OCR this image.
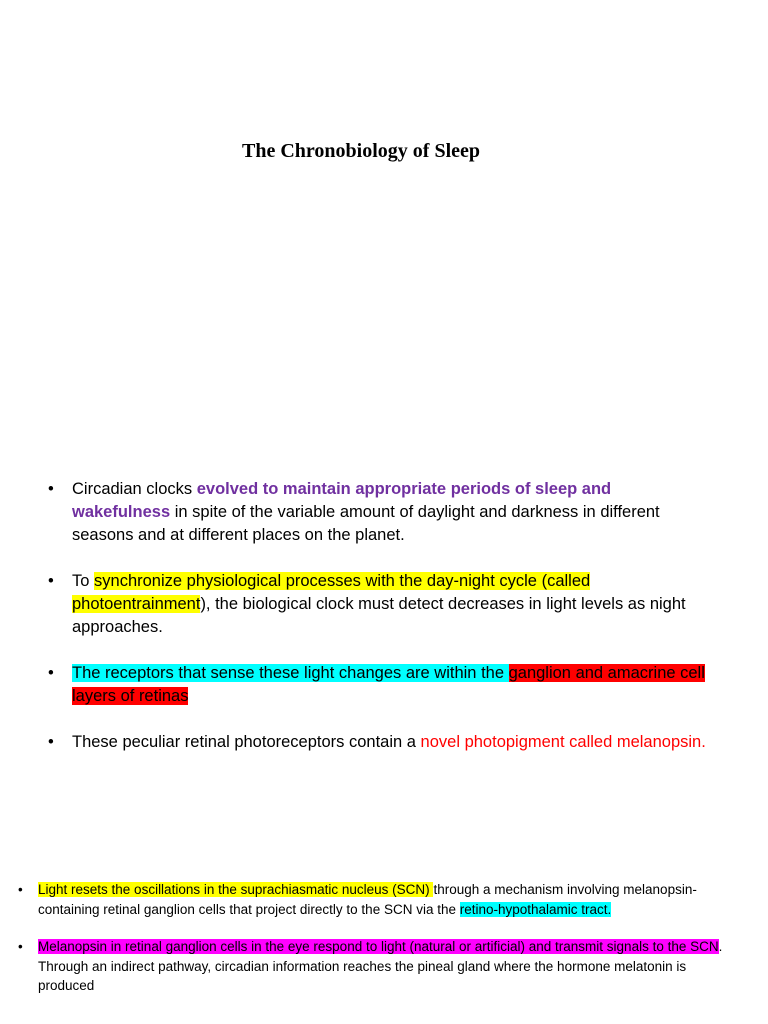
The Chronobiology of Sleep
• Circadian clocks evolved to maintain appropriate periods of sleep and wakefulness in spite of the variable amount of daylight and darkness in different seasons and at different places on the planet.
• To synchronize physiological processes with the day-night cycle (called photoentrainment), the biological clock must detect decreases in light levels as night approaches.
• The receptors that sense these light changes are within the ganglion and amacrine cell layers of retinas
• These peculiar retinal photoreceptors contain a novel photopigment called melanopsin.
• Light resets the oscillations in the suprachiasmatic nucleus (SCN) through a mechanism involving melanopsin-containing retinal ganglion cells that project directly to the SCN via the retino-hypothalamic tract.
• Melanopsin in retinal ganglion cells in the eye respond to light (natural or artificial) and transmit signals to the SCN. Through an indirect pathway, circadian information reaches the pineal gland where the hormone melatonin is produced
